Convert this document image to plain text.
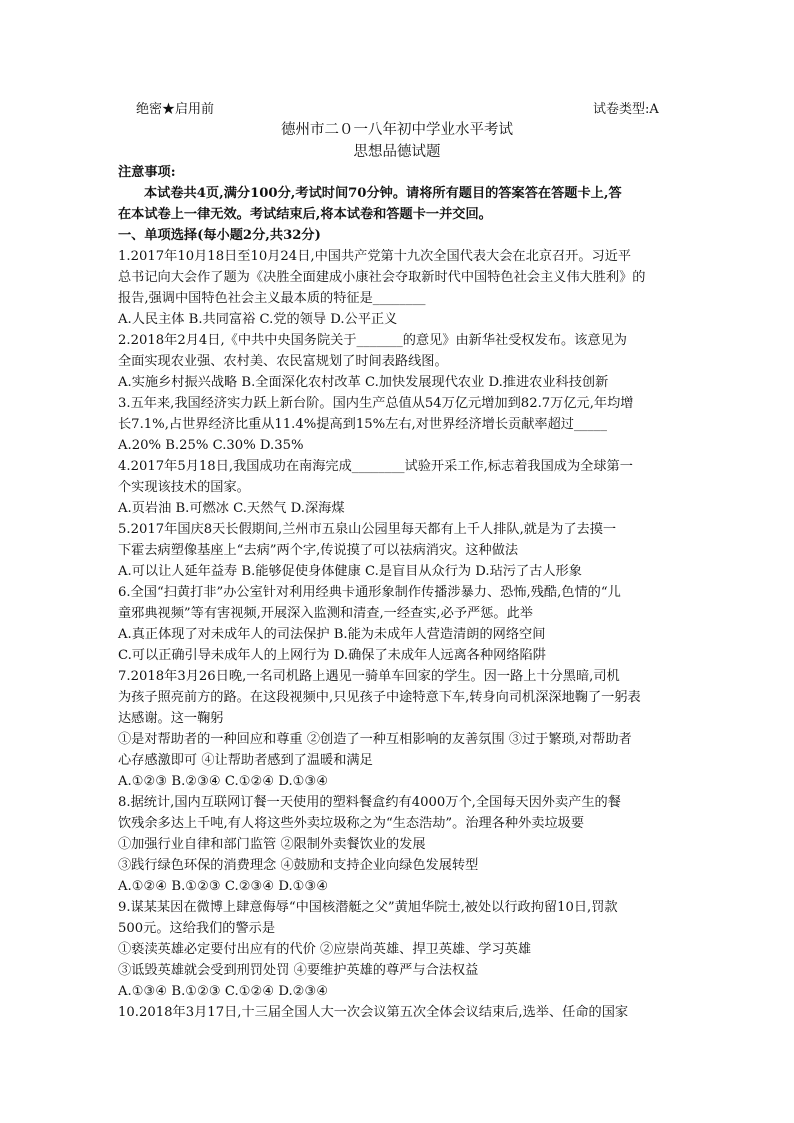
绝密★启用前	试卷类型:A
德州市二０一八年初中学业水平考试
思想品德试题
注意事项:
本试卷共4页,满分100分,考试时间70分钟。请将所有题目的答案答在答题卡上,答
在本试卷上一律无效。考试结束后,将本试卷和答题卡一并交回。
一、单项选择(每小题2分,共32分)
1.2017年10月18日至10月24日,中国共产党第十九次全国代表大会在北京召开。习近平
总书记向大会作了题为《决胜全面建成小康社会夺取新时代中国特色社会主义伟大胜利》的
报告,强调中国特色社会主义最本质的特征是________
A.人民主体 B.共同富裕 C.党的领导 D.公平正义
2.2018年2月4日,《中共中央国务院关于_______的意见》由新华社受权发布。该意见为
全面实现农业强、农村美、农民富规划了时间表路线图。
A.实施乡村振兴战略 B.全面深化农村改革 C.加快发展现代农业 D.推进农业科技创新
3.五年来,我国经济实力跃上新台阶。国内生产总值从54万亿元增加到82.7万亿元,年均增
长7.1%,占世界经济比重从11.4%提高到15%左右,对世界经济增长贡献率超过_____
A.20% B.25% C.30% D.35%
4.2017年5月18日,我国成功在南海完成________试验开采工作,标志着我国成为全球第一
个实现该技术的国家。
A.页岩油 B.可燃冰 C.天然气 D.深海煤
5.2017年国庆8天长假期间,兰州市五泉山公园里每天都有上千人排队,就是为了去摸一
下霍去病塑像基座上“去病”两个字,传说摸了可以祛病消灾。这种做法
A.可以让人延年益寿 B.能够促使身体健康 C.是盲目从众行为 D.玷污了古人形象
6.全国“扫黄打非”办公室针对利用经典卡通形象制作传播涉暴力、恐怖,残酷,色情的“儿
童邪典视频”等有害视频,开展深入监测和清查,一经查实,必予严惩。此举
A.真正体现了对未成年人的司法保护 B.能为未成年人营造清朗的网络空间
C.可以正确引导未成年人的上网行为 D.确保了未成年人远离各种网络陷阱
7.2018年3月26日晚,一名司机路上遇见一骑单车回家的学生。因一路上十分黑暗,司机
为孩子照亮前方的路。在这段视频中,只见孩子中途特意下车,转身向司机深深地鞠了一躬表
达感谢。这一鞠躬
①是对帮助者的一种回应和尊重 ②创造了一种互相影响的友善氛围 ③过于繁琐,对帮助者
心存感激即可 ④让帮助者感到了温暖和满足
A.①②③ B.②③④ C.①②④ D.①③④
8.据统计,国内互联网订餐一天使用的塑料餐盒约有4000万个,全国每天因外卖产生的餐
饮残余多达上千吨,有人将这些外卖垃圾称之为“生态浩劫”。治理各种外卖垃圾要
①加强行业自律和部门监管 ②限制外卖餐饮业的发展
③践行绿色环保的消费理念 ④鼓励和支持企业向绿色发展转型
A.①②④ B.①②③ C.②③④ D.①③④
9.谋某某因在微博上肆意侮辱“中国核潜艇之父”黄旭华院士,被处以行政拘留10日,罚款
500元。这给我们的警示是
①亵渎英雄必定要付出应有的代价 ②应崇尚英雄、捍卫英雄、学习英雄
③诋毁英雄就会受到刑罚处罚 ④要维护英雄的尊严与合法权益
A.①③④ B.①②③ C.①②④ D.②③④
10.2018年3月17日,十三届全国人大一次会议第五次全体会议结束后,选举、任命的国家
